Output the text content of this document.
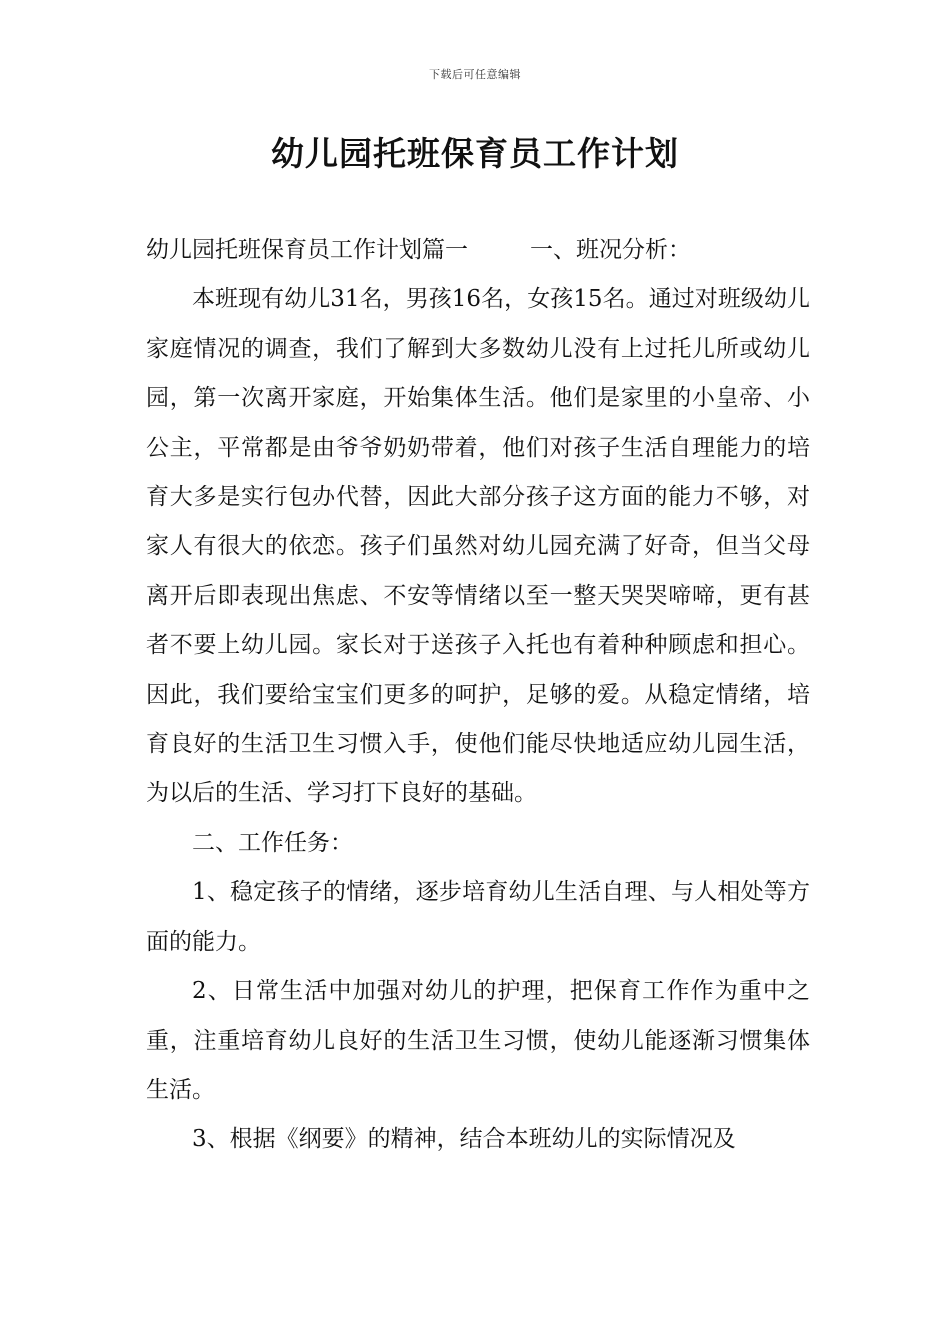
下载后可任意编辑
幼儿园托班保育员工作计划

幼儿园托班保育员工作计划篇一	一、班况分析：

本班现有幼儿31名，男孩16名，女孩15名。通过对班级幼儿家庭情况的调查，我们了解到大多数幼儿没有上过托儿所或幼儿园，第一次离开家庭，开始集体生活。他们是家里的小皇帝、小公主，平常都是由爷爷奶奶带着，他们对孩子生活自理能力的培育大多是实行包办代替，因此大部分孩子这方面的能力不够，对家人有很大的依恋。孩子们虽然对幼儿园充满了好奇，但当父母离开后即表现出焦虑、不安等情绪以至一整天哭哭啼啼，更有甚者不要上幼儿园。家长对于送孩子入托也有着种种顾虑和担心。因此，我们要给宝宝们更多的呵护，足够的爱。从稳定情绪，培育良好的生活卫生习惯入手，使他们能尽快地适应幼儿园生活，为以后的生活、学习打下良好的基础。

二、工作任务：

1、稳定孩子的情绪，逐步培育幼儿生活自理、与人相处等方面的能力。

2、日常生活中加强对幼儿的护理，把保育工作作为重中之重，注重培育幼儿良好的生活卫生习惯，使幼儿能逐渐习惯集体生活。

3、根据《纲要》的精神，结合本班幼儿的实际情况及
